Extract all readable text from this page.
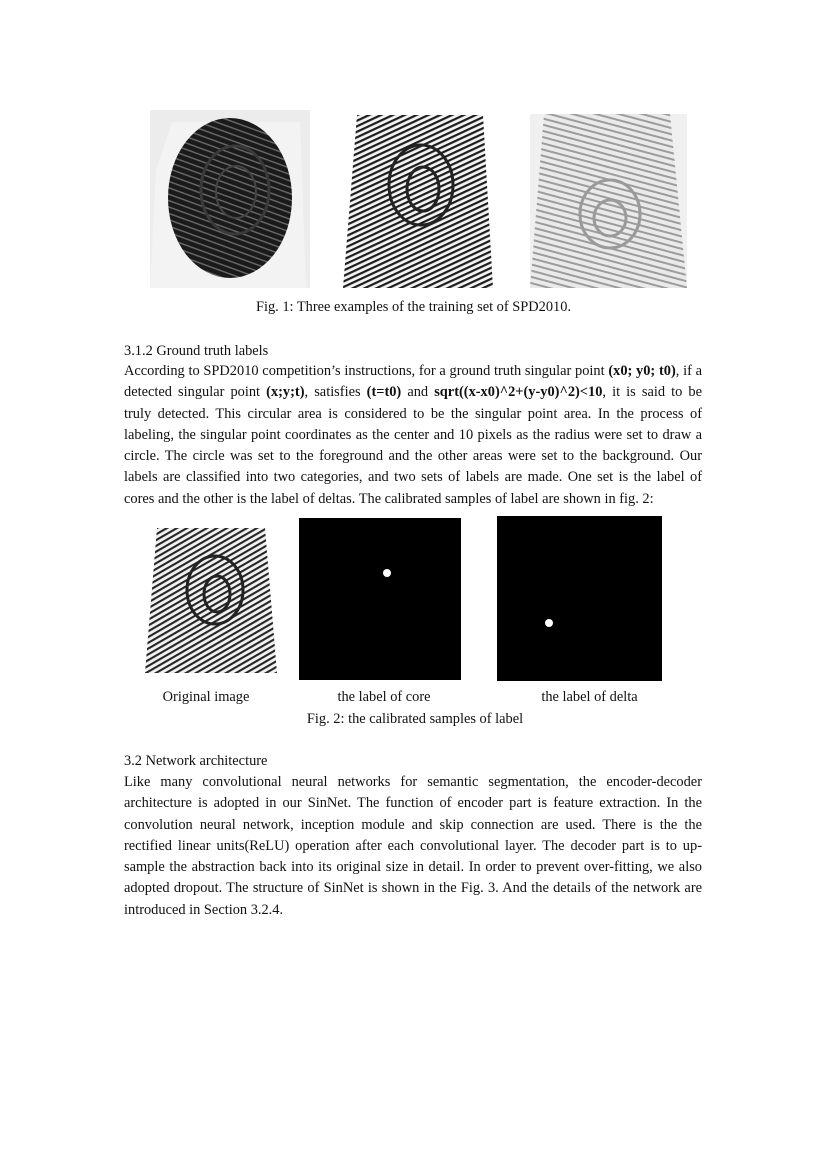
Fig. 1: Three examples of the training set of SPD2010.
3.1.2 Ground truth labels

According to SPD2010 competition’s instructions, for a ground truth singular point (x0; y0; t0), if a detected singular point (x;y;t), satisfies (t=t0) and sqrt((x-x0)^2+(y-y0)^2)<10, it is said to be truly detected. This circular area is considered to be the singular point area. In the process of labeling, the singular point coordinates as the center and 10 pixels as the radius were set to draw a circle. The circle was set to the foreground and the other areas were set to the background. Our labels are classified into two categories, and two sets of labels are made. One set is the label of cores and the other is the label of deltas. The calibrated samples of label are shown in fig. 2:

Original image	the label of core	the label of delta
Fig. 2: the calibrated samples of label
3.2 Network architecture

Like many convolutional neural networks for semantic segmentation, the encoder-decoder architecture is adopted in our SinNet. The function of encoder part is feature extraction. In the convolution neural network, inception module and skip connection are used. There is the the rectified linear units(ReLU) operation after each convolutional layer. The decoder part is to up-sample the abstraction back into its original size in detail. In order to prevent over-fitting, we also adopted dropout. The structure of SinNet is shown in the Fig. 3. And the details of the network are introduced in Section 3.2.4.
